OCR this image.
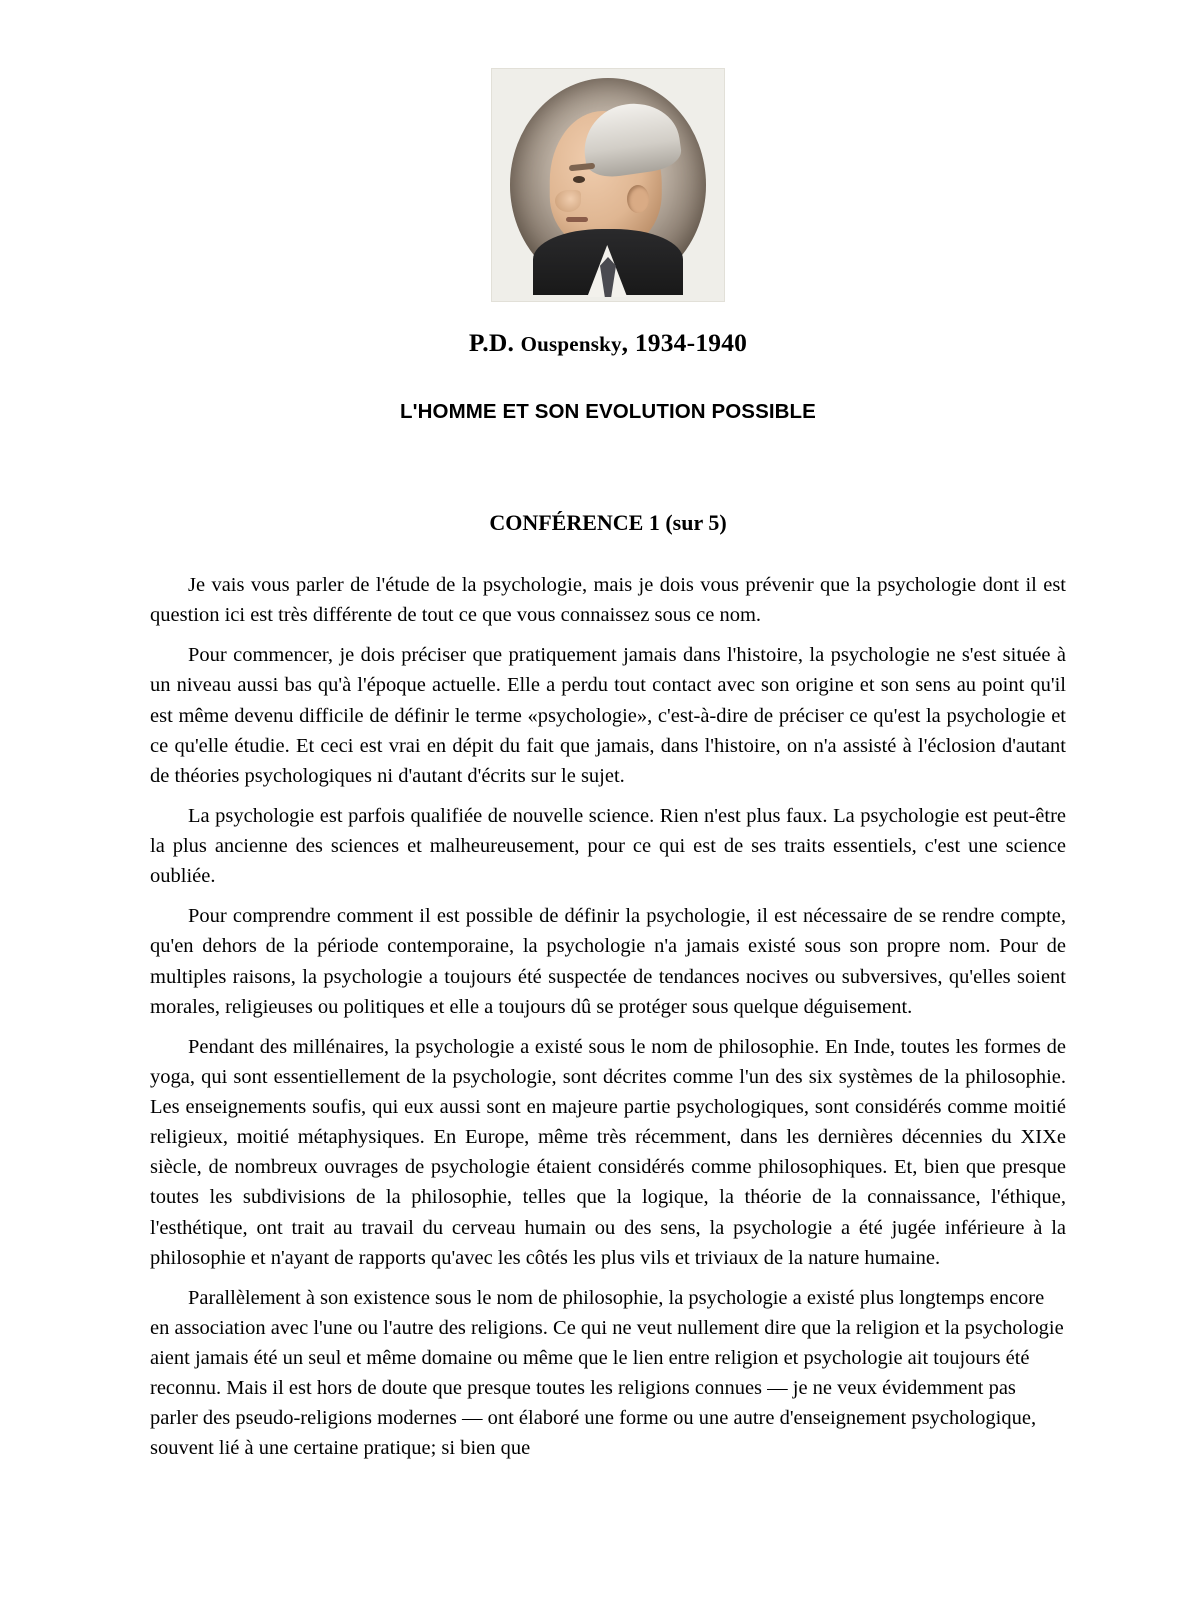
P.D. Ouspensky, 1934-1940
L'HOMME ET SON EVOLUTION POSSIBLE
CONFÉRENCE 1 (sur 5)

Je vais vous parler de l'étude de la psychologie, mais je dois vous prévenir que la psychologie dont il est question ici est très différente de tout ce que vous connaissez sous ce nom.

Pour commencer, je dois préciser que pratiquement jamais dans l'histoire, la psychologie ne s'est située à un niveau aussi bas qu'à l'époque actuelle. Elle a perdu tout contact avec son origine et son sens au point qu'il est même devenu difficile de définir le terme «psychologie», c'est-à-dire de préciser ce qu'est la psychologie et ce qu'elle étudie. Et ceci est vrai en dépit du fait que jamais, dans l'histoire, on n'a assisté à l'éclosion d'autant de théories psychologiques ni d'autant d'écrits sur le sujet.

La psychologie est parfois qualifiée de nouvelle science. Rien n'est plus faux. La psychologie est peut-être la plus ancienne des sciences et malheureusement, pour ce qui est de ses traits essentiels, c'est une science oubliée.

Pour comprendre comment il est possible de définir la psychologie, il est nécessaire de se rendre compte, qu'en dehors de la période contemporaine, la psychologie n'a jamais existé sous son propre nom. Pour de multiples raisons, la psychologie a toujours été suspectée de tendances nocives ou subversives, qu'elles soient morales, religieuses ou politiques et elle a toujours dû se protéger sous quelque déguisement.

Pendant des millénaires, la psychologie a existé sous le nom de philosophie. En Inde, toutes les formes de yoga, qui sont essentiellement de la psychologie, sont décrites comme l'un des six systèmes de la philosophie. Les enseignements soufis, qui eux aussi sont en majeure partie psychologiques, sont considérés comme moitié religieux, moitié métaphysiques. En Europe, même très récemment, dans les dernières décennies du XIXe siècle, de nombreux ouvrages de psychologie étaient considérés comme philosophiques. Et, bien que presque toutes les subdivisions de la philosophie, telles que la logique, la théorie de la connaissance, l'éthique, l'esthétique, ont trait au travail du cerveau humain ou des sens, la psychologie a été jugée inférieure à la philosophie et n'ayant de rapports qu'avec les côtés les plus vils et triviaux de la nature humaine.

Parallèlement à son existence sous le nom de philosophie, la psychologie a existé plus longtemps encore en association avec l'une ou l'autre des religions. Ce qui ne veut nullement dire que la religion et la psychologie aient jamais été un seul et même domaine ou même que le lien entre religion et psychologie ait toujours été reconnu. Mais il est hors de doute que presque toutes les religions connues — je ne veux évidemment pas parler des pseudo-religions modernes — ont élaboré une forme ou une autre d'enseignement psychologique, souvent lié à une certaine pratique; si bien que
